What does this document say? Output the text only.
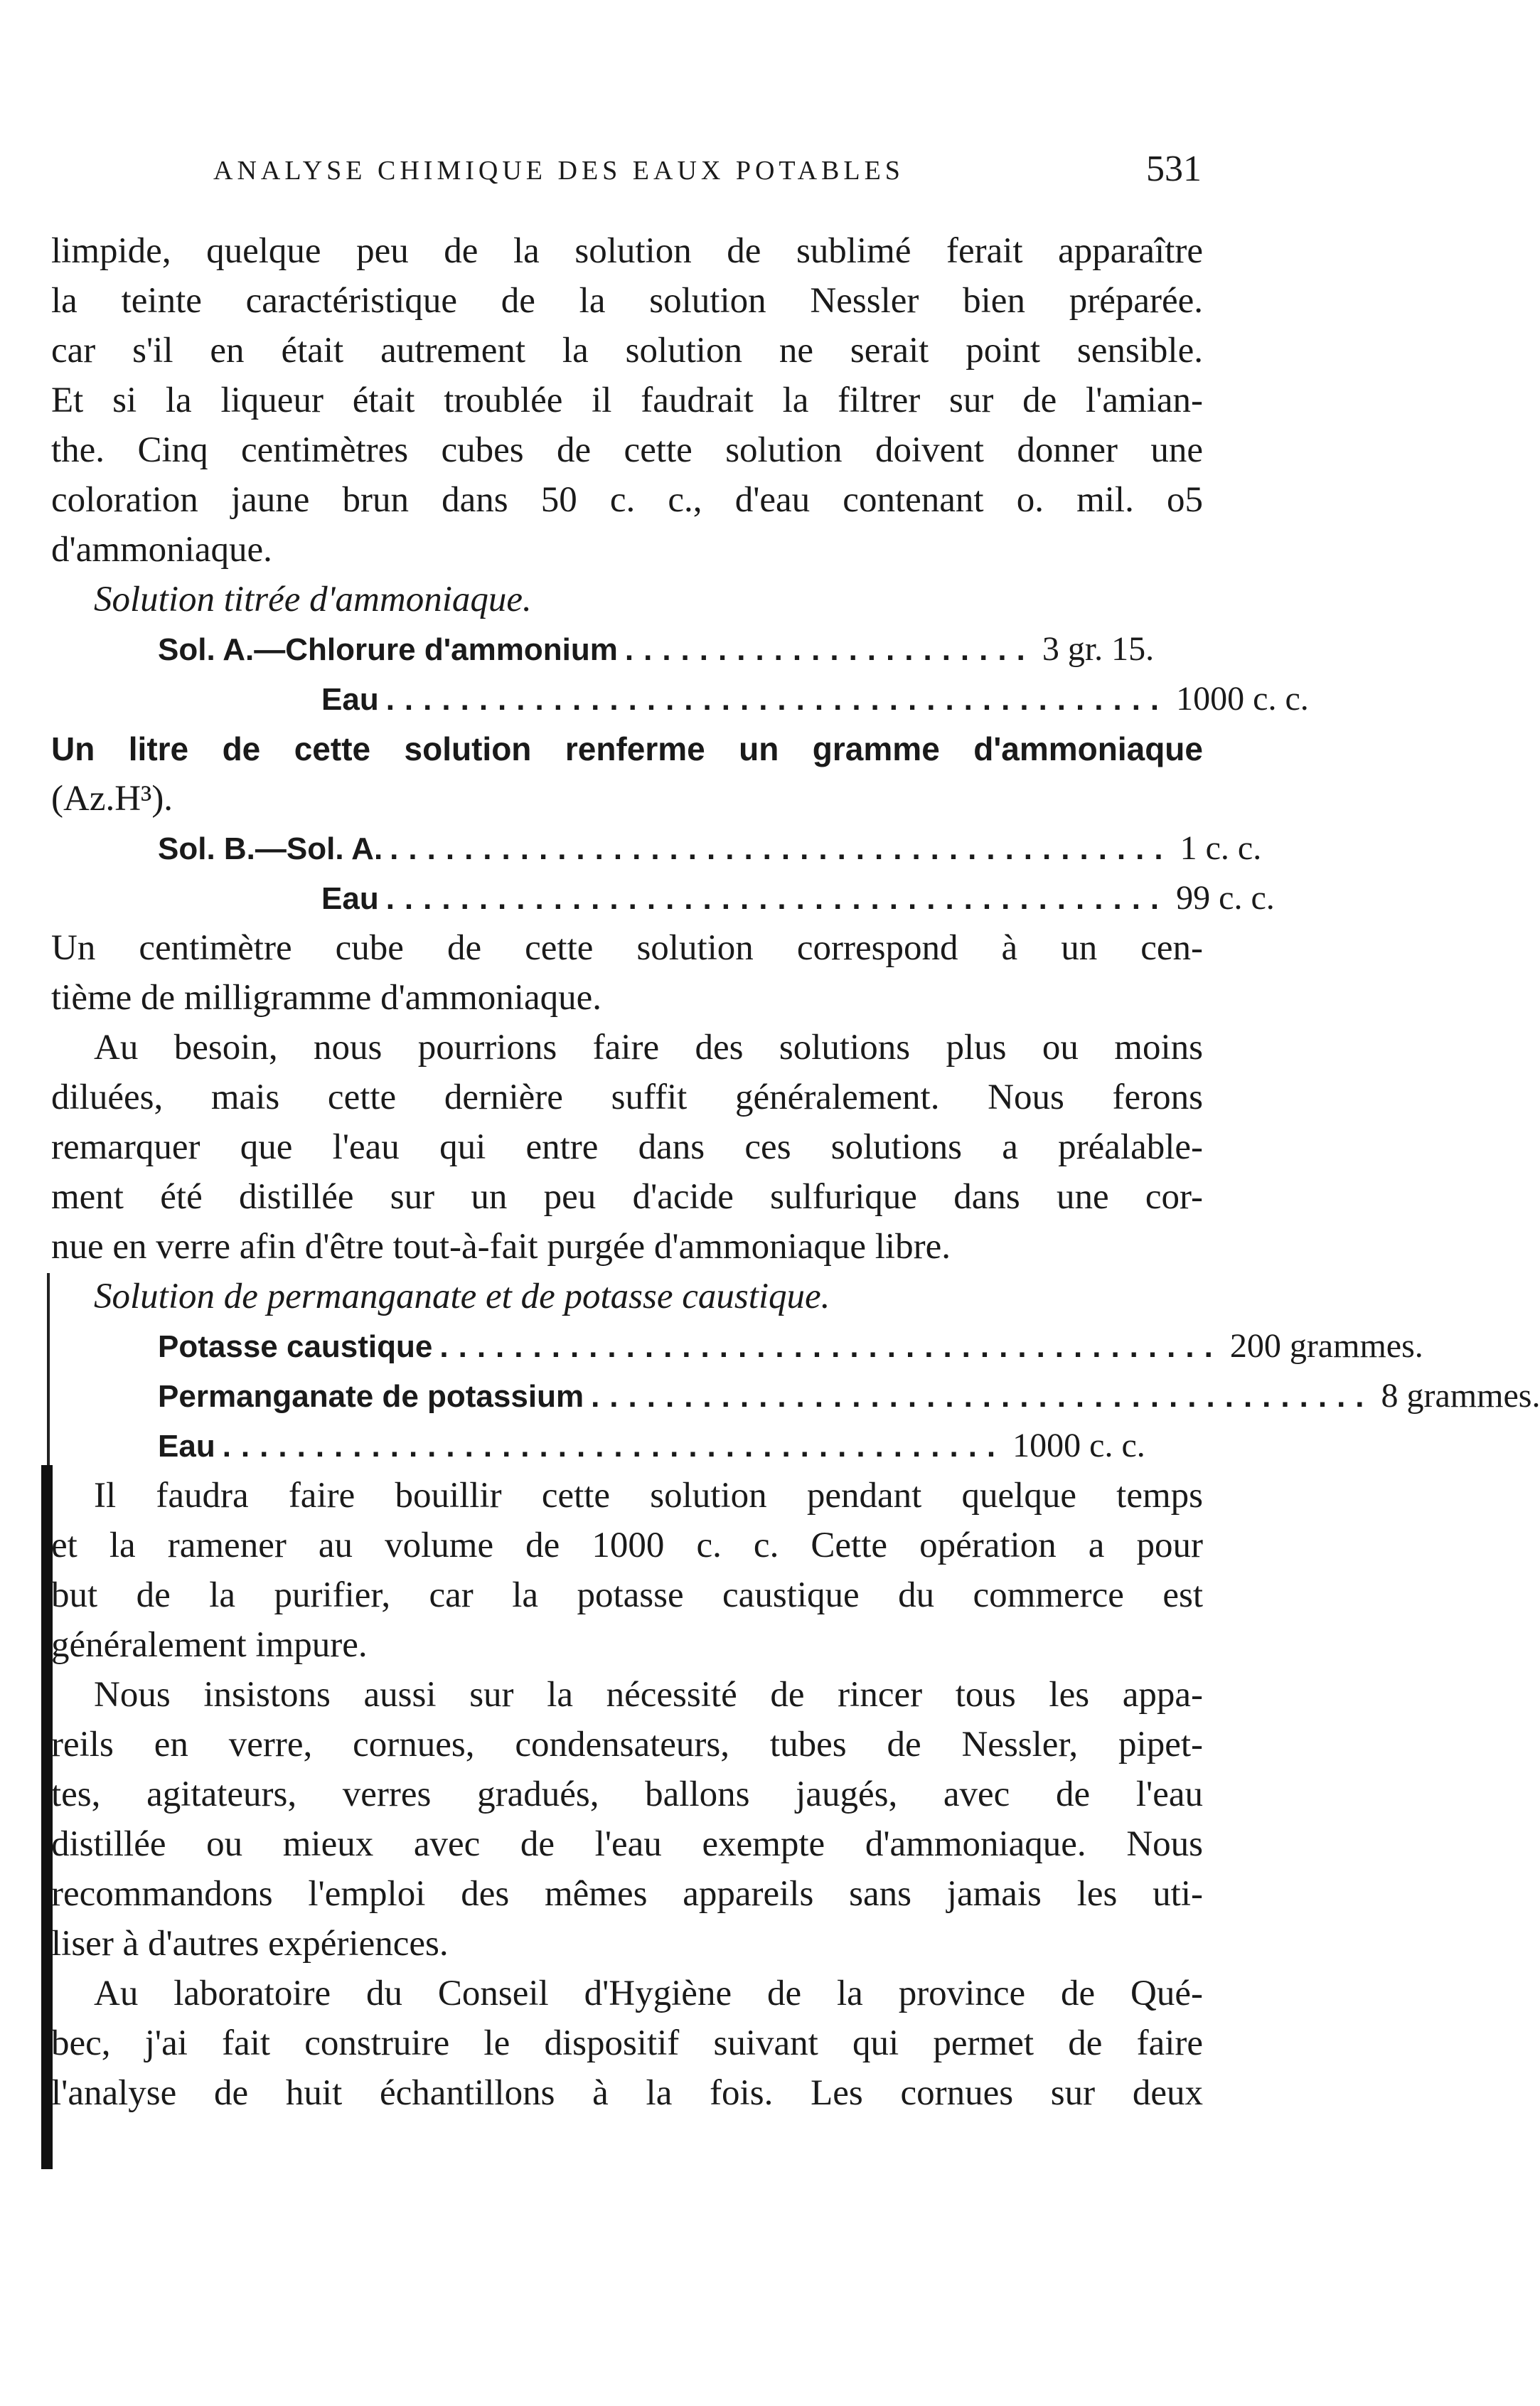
ANALYSE CHIMIQUE DES EAUX POTABLES	531
limpide, quelque peu de la solution de sublimé ferait apparaître
la teinte caractéristique de la solution Nessler bien préparée.
car s'il en était autrement la solution ne serait point sensible.
Et si la liqueur était troublée il faudrait la filtrer sur de l'amian-
the. Cinq centimètres cubes de cette solution doivent donner une
coloration jaune brun dans 50 c. c., d'eau contenant o. mil. o5
d'ammoniaque.
Solution titrée d'ammoniaque.
Sol. A.—Chlorure d'ammonium ...................... 3 gr. 15.
Eau .......................................... 1000 c. c.
Un litre de cette solution renferme un gramme d'ammoniaque
(Az.H³).
Sol. B.—Sol. A. .......................................... 1 c. c.
Eau .......................................... 99 c. c.
Un centimètre cube de cette solution correspond à un cen-
tième de milligramme d'ammoniaque.
Au besoin, nous pourrions faire des solutions plus ou moins
diluées, mais cette dernière suffit généralement. Nous ferons
remarquer que l'eau qui entre dans ces solutions a préalable-
ment été distillée sur un peu d'acide sulfurique dans une cor-
nue en verre afin d'être tout-à-fait purgée d'ammoniaque libre.
Solution de permanganate et de potasse caustique.
Potasse caustique .......................................... 200 grammes.
Permanganate de potassium .......................................... 8 grammes.
Eau .......................................... 1000 c. c.
Il faudra faire bouillir cette solution pendant quelque temps
et la ramener au volume de 1000 c. c. Cette opération a pour
but de la purifier, car la potasse caustique du commerce est
généralement impure.
Nous insistons aussi sur la nécessité de rincer tous les appa-
reils en verre, cornues, condensateurs, tubes de Nessler, pipet-
tes, agitateurs, verres gradués, ballons jaugés, avec de l'eau
distillée ou mieux avec de l'eau exempte d'ammoniaque. Nous
recommandons l'emploi des mêmes appareils sans jamais les uti-
liser à d'autres expériences.
Au laboratoire du Conseil d'Hygiène de la province de Qué-
bec, j'ai fait construire le dispositif suivant qui permet de faire
l'analyse de huit échantillons à la fois. Les cornues sur deux
